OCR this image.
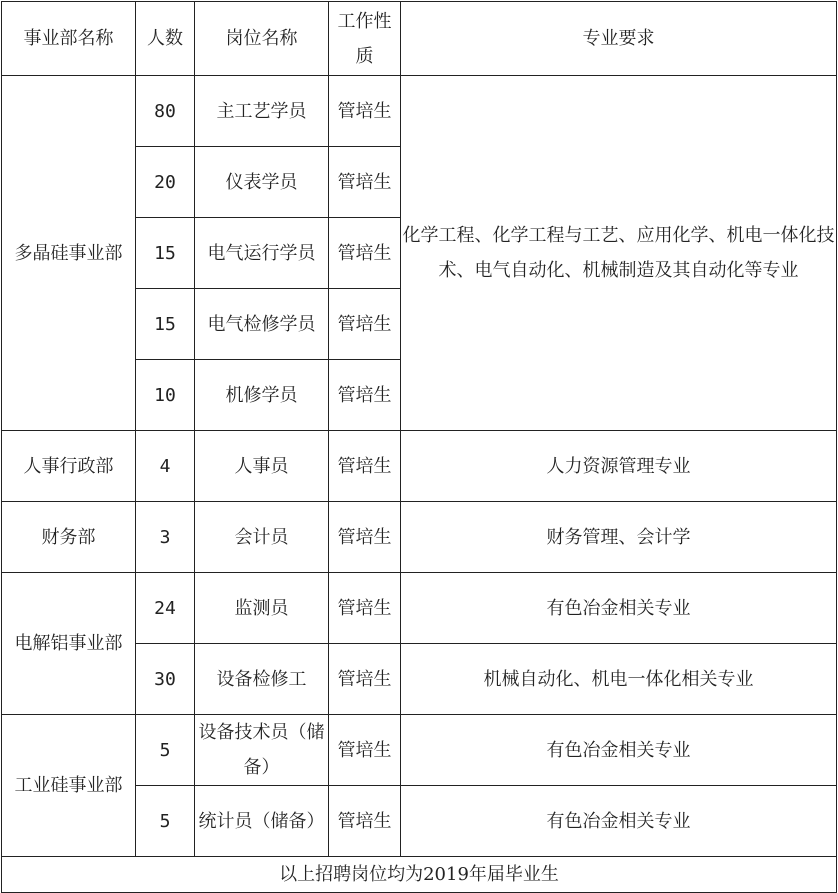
事业部名称	人数	岗位名称	工作性质	专业要求
多晶硅事业部	80	主工艺学员	管培生	化学工程、化学工程与工艺、应用化学、机电一体化技术、电气自动化、机械制造及其自动化等专业
	20	仪表学员	管培生	
	15	电气运行学员	管培生	
	15	电气检修学员	管培生	
	10	机修学员	管培生	
人事行政部	4	人事员	管培生	人力资源管理专业
财务部	3	会计员	管培生	财务管理、会计学
电解铝事业部	24	监测员	管培生	有色冶金相关专业
	30	设备检修工	管培生	机械自动化、机电一体化相关专业
工业硅事业部	5	设备技术员（储备）	管培生	有色冶金相关专业
	5	统计员（储备）	管培生	有色冶金相关专业
以上招聘岗位均为2019年届毕业生				
